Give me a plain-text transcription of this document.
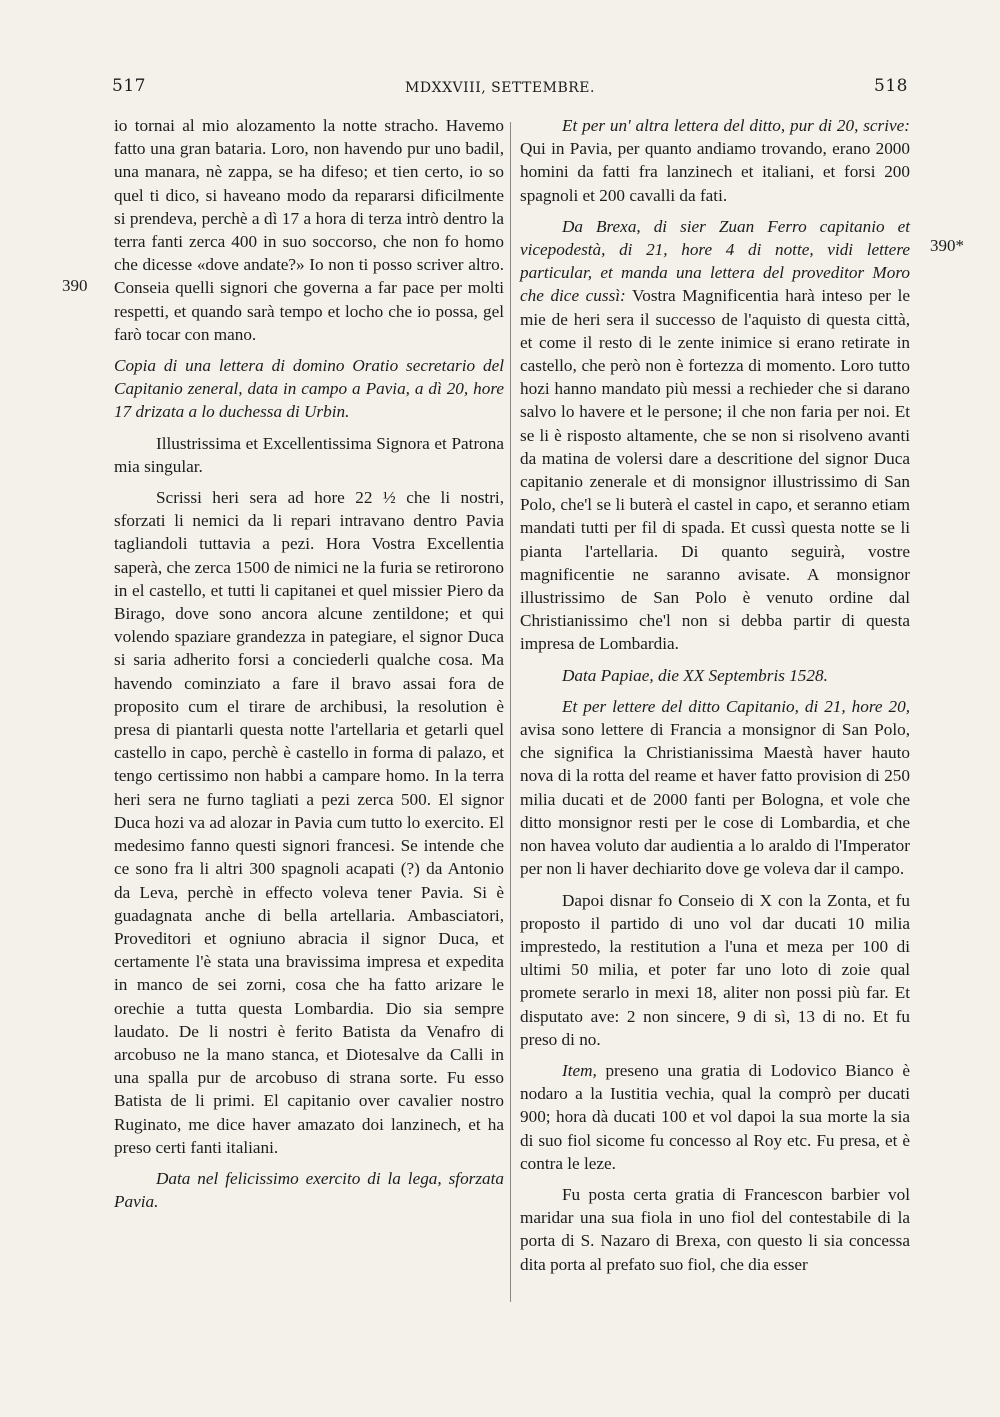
517	MDXXVIII, SETTEMBRE.	518
390
390*

io tornai al mio alozamento la notte stracho. Havemo fatto una gran bataria. Loro, non havendo pur uno badil, una manara, nè zappa, se ha difeso; et tien certo, io so quel ti dico, si haveano modo da repararsi dificilmente si prendeva, perchè a dì 17 a hora di terza intrò dentro la terra fanti zerca 400 in suo soccorso, che non fo homo che dicesse «dove andate?» Io non ti posso scriver altro. Conseia quelli signori che governa a far pace per molti respetti, et quando sarà tempo et locho che io possa, gel farò tocar con mano.

Copia di una lettera di domino Oratio secretario del Capitanio zeneral, data in campo a Pavia, a dì 20, hore 17 drizata a lo duchessa di Urbin.

Illustrissima et Excellentissima Signora et Patrona mia singular.

Scrissi heri sera ad hore 22 ½ che li nostri, sforzati li nemici da li repari intravano dentro Pavia tagliandoli tuttavia a pezi. Hora Vostra Excellentia saperà, che zerca 1500 de nimici ne la furia se retirorono in el castello, et tutti li capitanei et quel missier Piero da Birago, dove sono ancora alcune zentildone; et qui volendo spaziare grandezza in pategiare, el signor Duca si saria adherito forsi a conciederli qualche cosa. Ma havendo cominziato a fare il bravo assai fora de proposito cum el tirare de archibusi, la resolution è presa di piantarli questa notte l'artellaria et getarli quel castello in capo, perchè è castello in forma di palazo, et tengo certissimo non habbi a campare homo. In la terra heri sera ne furno tagliati a pezi zerca 500. El signor Duca hozi va ad alozar in Pavia cum tutto lo exercito. El medesimo fanno questi signori francesi. Se intende che ce sono fra li altri 300 spagnoli acapati (?) da Antonio da Leva, perchè in effecto voleva tener Pavia. Si è guadagnata anche di bella artellaria. Ambasciatori, Proveditori et ogniuno abracia il signor Duca, et certamente l'è stata una bravissima impresa et expedita in manco de sei zorni, cosa che ha fatto arizare le orechie a tutta questa Lombardia. Dio sia sempre laudato. De li nostri è ferito Batista da Venafro di arcobuso ne la mano stanca, et Diotesalve da Calli in una spalla pur de arcobuso di strana sorte. Fu esso Batista de li primi. El capitanio over cavalier nostro Ruginato, me dice haver amazato doi lanzinech, et ha preso certi fanti italiani.

Data nel felicissimo exercito di la lega, sforzata Pavia.

Et per un' altra lettera del ditto, pur di 20, scrive: Qui in Pavia, per quanto andiamo trovando, erano 2000 homini da fatti fra lanzinech et italiani, et forsi 200 spagnoli et 200 cavalli da fati.

Da Brexa, di sier Zuan Ferro capitanio et vicepodestà, di 21, hore 4 di notte, vidi lettere particular, et manda una lettera del proveditor Moro che dice cussì: Vostra Magnificentia harà inteso per le mie de heri sera il successo de l'aquisto di questa città, et come il resto di le zente inimice si erano retirate in castello, che però non è fortezza di momento. Loro tutto hozi hanno mandato più messi a rechieder che si darano salvo lo havere et le persone; il che non faria per noi. Et se li è risposto altamente, che se non si risolveno avanti da matina de volersi dare a descritione del signor Duca capitanio zenerale et di monsignor illustrissimo di San Polo, che'l se li buterà el castel in capo, et seranno etiam mandati tutti per fil di spada. Et cussì questa notte se li pianta l'artellaria. Di quanto seguirà, vostre magnificentie ne saranno avisate. A monsignor illustrissimo de San Polo è venuto ordine dal Christianissimo che'l non si debba partir di questa impresa de Lombardia.

Data Papiae, die XX Septembris 1528.

Et per lettere del ditto Capitanio, di 21, hore 20, avisa sono lettere di Francia a monsignor di San Polo, che significa la Christianissima Maestà haver hauto nova di la rotta del reame et haver fatto provision di 250 milia ducati et de 2000 fanti per Bologna, et vole che ditto monsignor resti per le cose di Lombardia, et che non havea voluto dar audientia a lo araldo di l'Imperator per non li haver dechiarito dove ge voleva dar il campo.

Dapoi disnar fo Conseio di X con la Zonta, et fu proposto il partido di uno vol dar ducati 10 milia imprestedo, la restitution a l'una et meza per 100 di ultimi 50 milia, et poter far uno loto di zoie qual promete serarlo in mexi 18, aliter non possi più far. Et disputato ave: 2 non sincere, 9 di sì, 13 di no. Et fu preso di no.

Item, preseno una gratia di Lodovico Bianco è nodaro a la Iustitia vechia, qual la comprò per ducati 900; hora dà ducati 100 et vol dapoi la sua morte la sia di suo fiol sicome fu concesso al Roy etc. Fu presa, et è contra le leze.

Fu posta certa gratia di Francescon barbier vol maridar una sua fiola in uno fiol del contestabile di la porta di S. Nazaro di Brexa, con questo li sia concessa dita porta al prefato suo fiol, che dia esser
